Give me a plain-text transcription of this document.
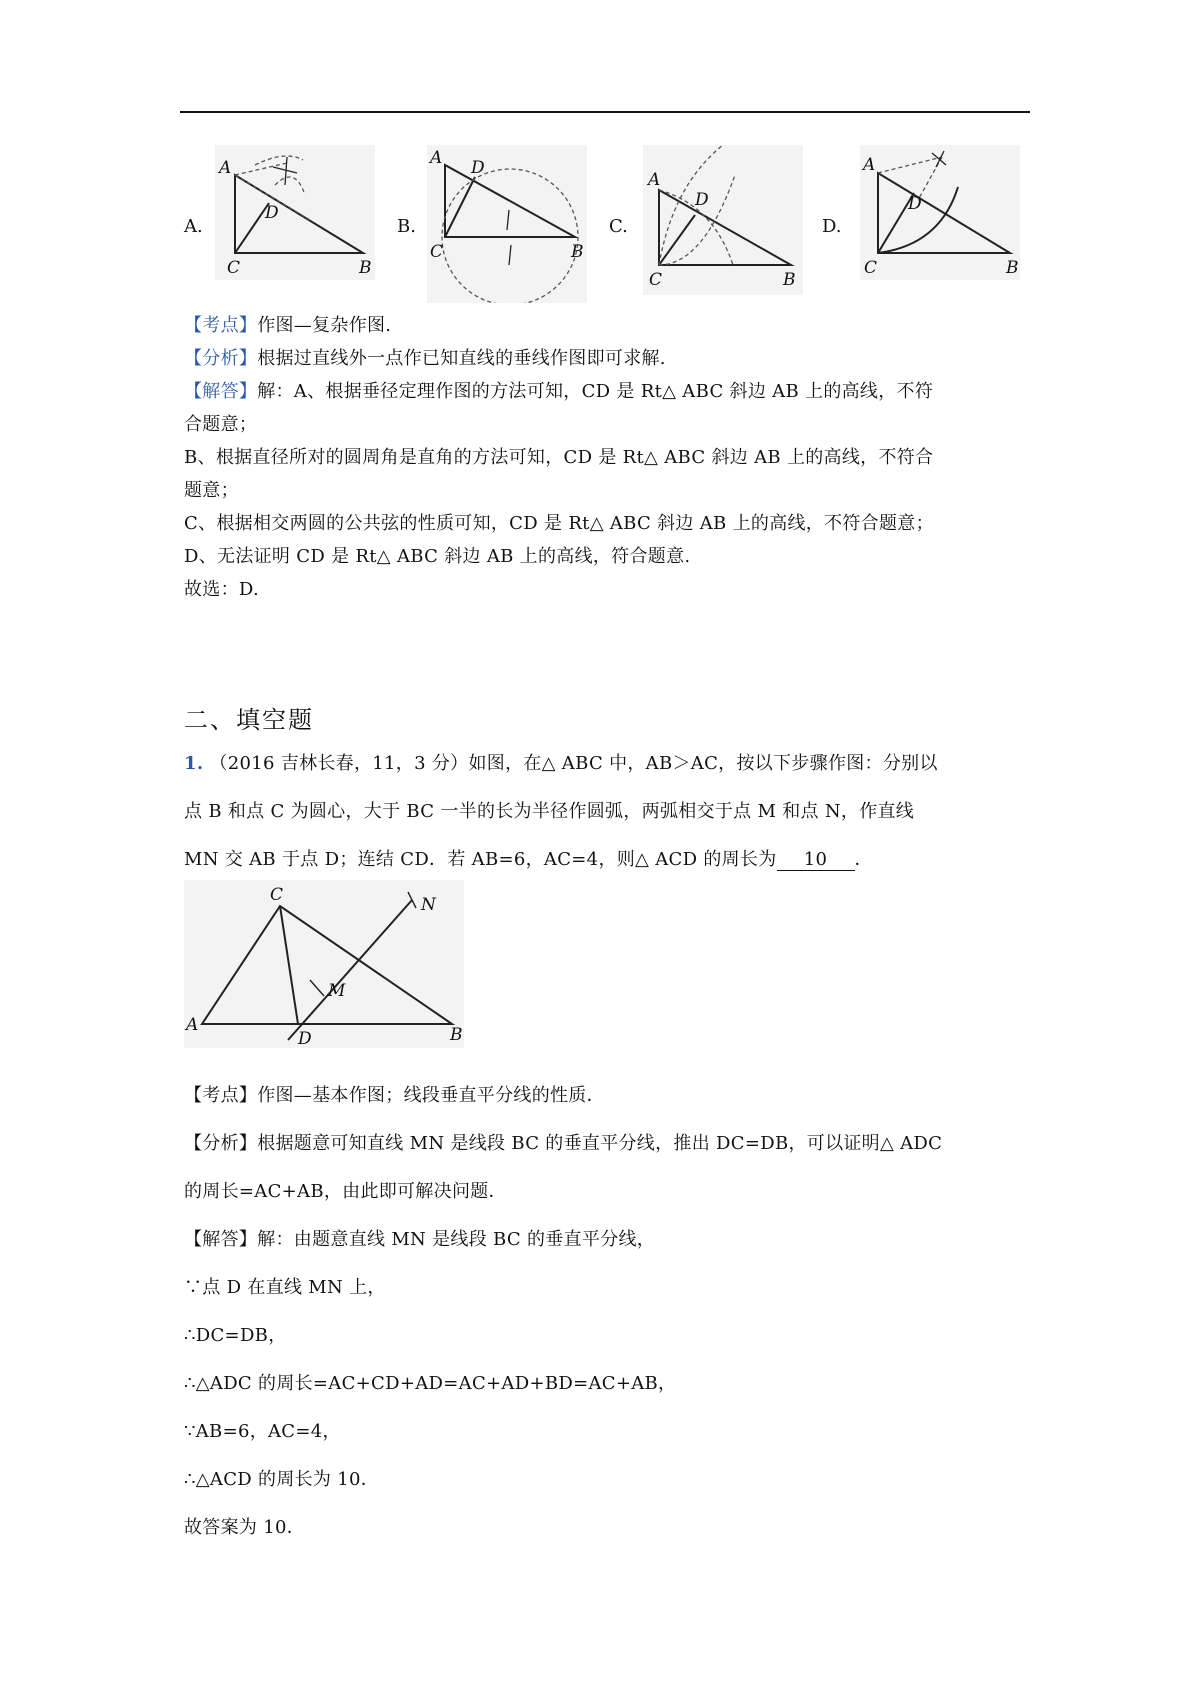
A.	B.	C.	D.
A
D
C	B
A D
C	B
A
D
C	B
A
D
C	B
【考点】作图—复杂作图.
【分析】根据过直线外一点作已知直线的垂线作图即可求解.
【解答】解：A、根据垂径定理作图的方法可知，CD 是 Rt△ ABC 斜边 AB 上的高线，不符
合题意；
B、根据直径所对的圆周角是直角的方法可知，CD 是 Rt△ ABC 斜边 AB 上的高线，不符合
题意；
C、根据相交两圆的公共弦的性质可知，CD 是 Rt△ ABC 斜边 AB 上的高线，不符合题意；
D、无法证明 CD 是 Rt△ ABC 斜边 AB 上的高线，符合题意.
故选：D.
二、填空题
1. （2016 吉林长春，11，3 分）如图，在△ ABC 中，AB＞AC，按以下步骤作图：分别以
点 B 和点 C 为圆心，大于 BC 一半的长为半径作圆弧，两弧相交于点 M 和点 N，作直线
MN 交 AB 于点 D；连结 CD．若 AB=6，AC=4，则△ ACD 的周长为 10 ．
C	N
M
A
D	B
【考点】作图—基本作图；线段垂直平分线的性质．
【分析】根据题意可知直线 MN 是线段 BC 的垂直平分线，推出 DC=DB，可以证明△ ADC
的周长=AC+AB，由此即可解决问题．
【解答】解：由题意直线 MN 是线段 BC 的垂直平分线，
∵点 D 在直线 MN 上，
∴DC=DB，
∴△ADC 的周长=AC+CD+AD=AC+AD+BD=AC+AB，
∵AB=6，AC=4，
∴△ACD 的周长为 10．
故答案为 10．
